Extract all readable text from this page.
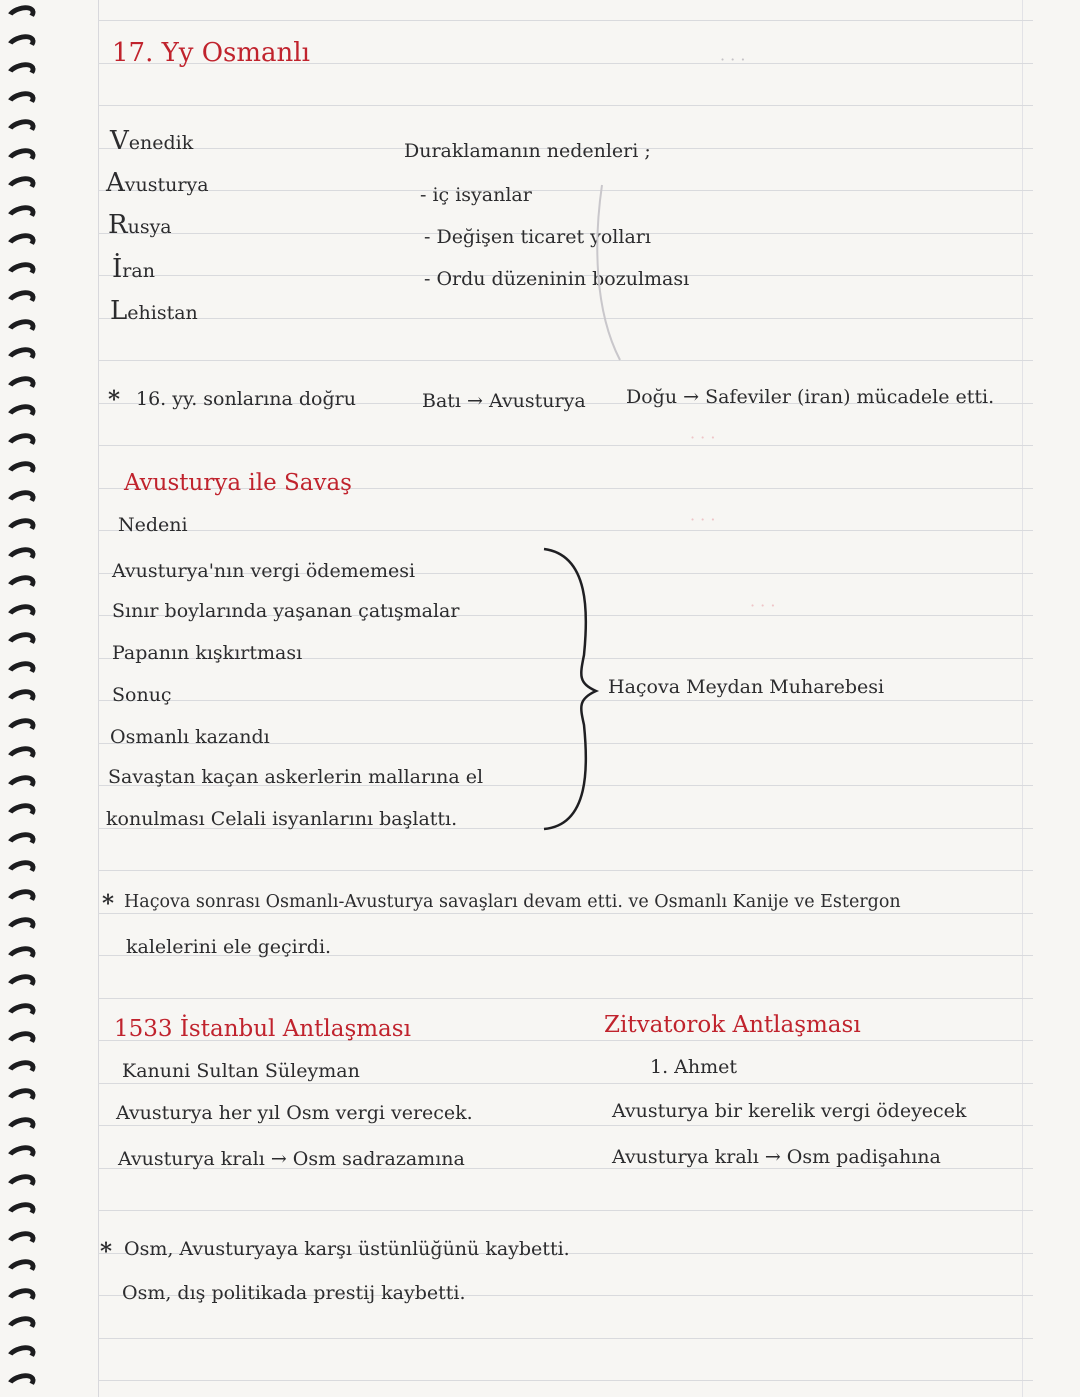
· · ·
17. Yy Osmanlı
Venedik
Avusturya
Rusya
İran
Lehistan
Duraklamanın nedenleri ;
- iç isyanlar
- Değişen ticaret yolları
- Ordu düzeninin bozulması
* 16. yy. sonlarına doğru	Batı → Avusturya Doğu → Safeviler (iran) mücadele etti.
· · ·
· · ·
· · ·
Avusturya ile Savaş
Nedeni
Avusturya'nın vergi ödememesi
Sınır boylarında yaşanan çatışmalar
Papanın kışkırtması
Sonuç
Osmanlı kazandı
Savaştan kaçan askerlerin mallarına el
konulması Celali isyanlarını başlattı.
Haçova Meydan Muharebesi
* Haçova sonrası Osmanlı-Avusturya savaşları devam etti. ve Osmanlı Kanije ve Estergon
kalelerini ele geçirdi.
1533 İstanbul Antlaşması
Kanuni Sultan Süleyman
Avusturya her yıl Osm vergi verecek.
Avusturya kralı → Osm sadrazamına
Zitvatorok Antlaşması
1. Ahmet
Avusturya bir kerelik vergi ödeyecek
Avusturya kralı → Osm padişahına
* Osm, Avusturyaya karşı üstünlüğünü kaybetti.
Osm, dış politikada prestij kaybetti.
